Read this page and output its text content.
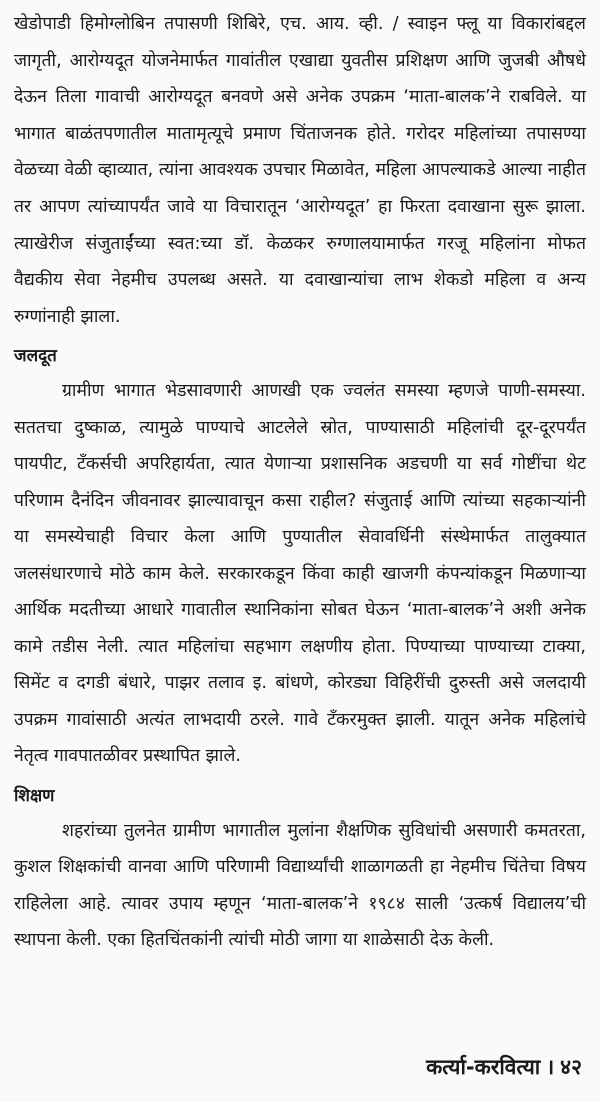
खेडोपाडी हिमोग्लोबिन तपासणी शिबिरे, एच. आय. व्ही. / स्वाइन फ्लू या विकारांबद्दल जागृती, आरोग्यदूत योजनेमार्फत गावांतील एखाद्या युवतीस प्रशिक्षण आणि जुजबी औषधे देऊन तिला गावाची आरोग्यदूत बनवणे असे अनेक उपक्रम ‘माता-बालक’ने राबविले. या भागात बाळंतपणातील मातामृत्यूचे प्रमाण चिंताजनक होते. गरोदर महिलांच्या तपासण्या वेळच्या वेळी व्हाव्यात, त्यांना आवश्यक उपचार मिळावेत, महिला आपल्याकडे आल्या नाहीत तर आपण त्यांच्यापर्यंत जावे या विचारातून ‘आरोग्यदूत’ हा फिरता दवाखाना सुरू झाला. त्याखेरीज संजुताईंच्या स्वत:च्या डॉ. केळकर रुग्णालयामार्फत गरजू महिलांना मोफत वैद्यकीय सेवा नेहमीच उपलब्ध असते. या दवाखान्यांचा लाभ शेकडो महिला व अन्य रुग्णांनाही झाला.

जलदूत

ग्रामीण भागात भेडसावणारी आणखी एक ज्वलंत समस्या म्हणजे पाणी-समस्या. सततचा दुष्काळ, त्यामुळे पाण्याचे आटलेले स्रोत, पाण्यासाठी महिलांची दूर-दूरपर्यंत पायपीट, टँकर्सची अपरिहार्यता, त्यात येणाऱ्या प्रशासनिक अडचणी या सर्व गोष्टींचा थेट परिणाम दैनंदिन जीवनावर झाल्यावाचून कसा राहील? संजुताई आणि त्यांच्या सहकाऱ्यांनी या समस्येचाही विचार केला आणि पुण्यातील सेवावर्धिनी संस्थेमार्फत तालुक्यात जलसंधारणाचे मोठे काम केले. सरकारकडून किंवा काही खाजगी कंपन्यांकडून मिळणाऱ्या आर्थिक मदतीच्या आधारे गावातील स्थानिकांना सोबत घेऊन ‘माता-बालक’ने अशी अनेक कामे तडीस नेली. त्यात महिलांचा सहभाग लक्षणीय होता. पिण्याच्या पाण्याच्या टाक्या, सिमेंट व दगडी बंधारे, पाझर तलाव इ. बांधणे, कोरड्या विहिरींची दुरुस्ती असे जलदायी उपक्रम गावांसाठी अत्यंत लाभदायी ठरले. गावे टँकरमुक्त झाली. यातून अनेक महिलांचे नेतृत्व गावपातळीवर प्रस्थापित झाले.

शिक्षण

शहरांच्या तुलनेत ग्रामीण भागातील मुलांना शैक्षणिक सुविधांची असणारी कमतरता, कुशल शिक्षकांची वानवा आणि परिणामी विद्यार्थ्यांची शाळागळती हा नेहमीच चिंतेचा विषय राहिलेला आहे. त्यावर उपाय म्हणून ‘माता-बालक’ने १९८४ साली ‘उत्कर्ष विद्यालय’ची स्थापना केली. एका हितचिंतकांनी त्यांची मोठी जागा या शाळेसाठी देऊ केली.

कर्त्या-करवित्या । ४२
